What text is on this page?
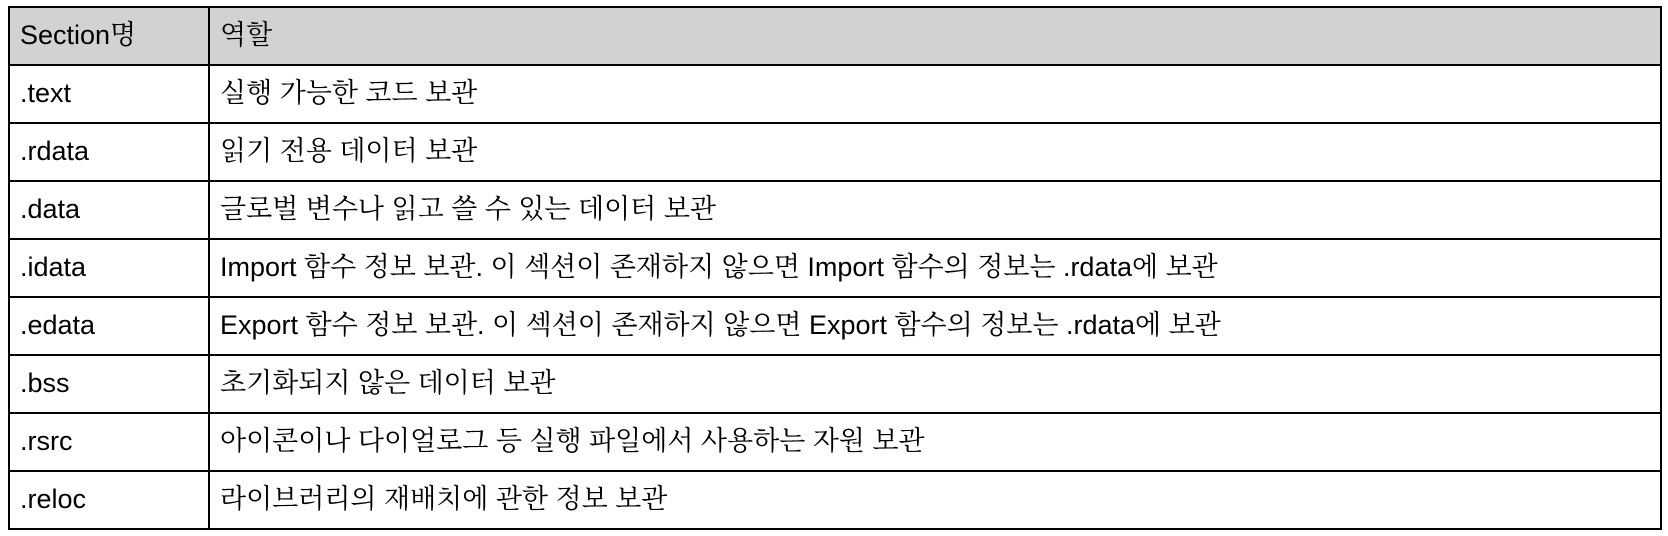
Section명	역할
.text	실행 가능한 코드 보관
.rdata	읽기 전용 데이터 보관
.data	글로벌 변수나 읽고 쓸 수 있는 데이터 보관
.idata	Import 함수 정보 보관. 이 섹션이 존재하지 않으면 Import 함수의 정보는 .rdata에 보관
.edata	Export 함수 정보 보관. 이 섹션이 존재하지 않으면 Export 함수의 정보는 .rdata에 보관
.bss	초기화되지 않은 데이터 보관
.rsrc	아이콘이나 다이얼로그 등 실행 파일에서 사용하는 자원 보관
.reloc	라이브러리의 재배치에 관한 정보 보관
